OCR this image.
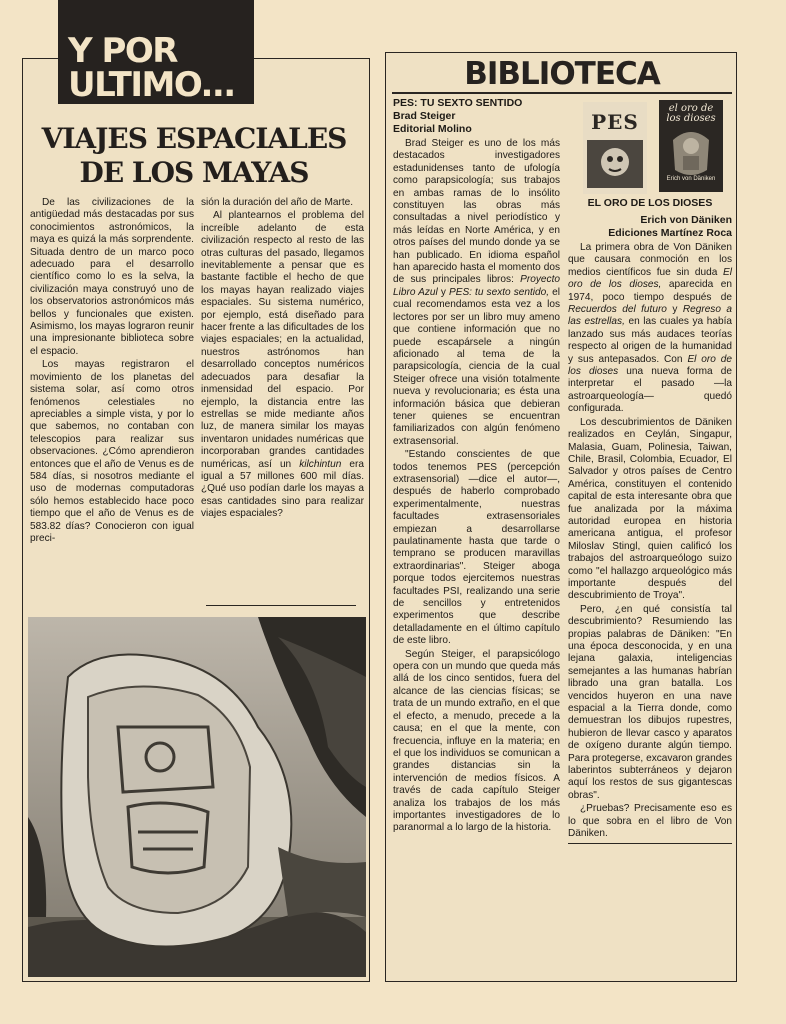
Y POR
ULTIMO...
VIAJES ESPACIALES
DE LOS MAYAS

De las civilizaciones de la antigüedad más destacadas por sus conocimientos astronómicos, la maya es quizá la más sorprendente. Situada dentro de un marco poco adecuado para el desarrollo científico como lo es la selva, la civilización maya construyó uno de los observatorios astronómicos más bellos y funcionales que existen. Asimismo, los mayas lograron reunir una impresionante biblioteca sobre el espacio.

Los mayas registraron el movimiento de los planetas del sistema solar, así como otros fenómenos celestiales no apreciables a simple vista, y por lo que sabemos, no contaban con telescopios para realizar sus observaciones. ¿Cómo aprendieron entonces que el año de Venus es de 584 días, si nosotros mediante el uso de modernas computadoras sólo hemos establecido hace poco tiempo que el año de Venus es de 583.82 días? Conocieron con igual preci-

sión la duración del año de Marte.

Al plantearnos el problema del increíble adelanto de esta civilización respecto al resto de las otras culturas del pasado, llegamos inevitablemente a pensar que es bastante factible el hecho de que los mayas hayan realizado viajes espaciales. Su sistema numérico, por ejemplo, está diseñado para hacer frente a las dificultades de los viajes espaciales; en la actualidad, nuestros astrónomos han desarrollado conceptos numéricos adecuados para desafiar la inmensidad del espacio. Por ejemplo, la distancia entre las estrellas se mide mediante años luz, de manera similar los mayas inventaron unidades numéricas que incorporaban grandes cantidades numéricas, así un kilchintun era igual a 57 millones 600 mil días. ¿Qué uso podían darle los mayas a esas cantidades sino para realizar viajes espaciales?

BIBLIOTECA
PES: TU SEXTO SENTIDO
Brad Steiger
Editorial Molino

Brad Steiger es uno de los más destacados investigadores estadunidenses tanto de ufología como parapsicología; sus trabajos en ambas ramas de lo insólito constituyen las obras más consultadas a nivel periodístico y más leídas en Norte América, y en otros países del mundo donde ya se han publicado. En idioma español han aparecido hasta el momento dos de sus principales libros: Proyecto Libro Azul y PES: tu sexto sentido, el cual recomendamos esta vez a los lectores por ser un libro muy ameno que contiene información que no puede escapársele a ningún aficionado al tema de la parapsicología, ciencia de la cual Steiger ofrece una visión totalmente nueva y revolucionaria; es ésta una información básica que debieran tener quienes se encuentran familiarizados con algún fenómeno extrasensorial.

"Estando conscientes de que todos tenemos PES (percepción extrasensorial) —dice el autor—, después de haberlo comprobado experimentalmente, nuestras facultades extrasensoriales empiezan a desarrollarse paulatinamente hasta que tarde o temprano se producen maravillas extraordinarias". Steiger aboga porque todos ejercitemos nuestras facultades PSI, realizando una serie de sencillos y entretenidos experimentos que describe detalladamente en el último capítulo de este libro.

Según Steiger, el parapsicólogo opera con un mundo que queda más allá de los cinco sentidos, fuera del alcance de las ciencias físicas; se trata de un mundo extraño, en el que el efecto, a menudo, precede a la causa; en el que la mente, con frecuencia, influye en la materia; en el que los individuos se comunican a grandes distancias sin la intervención de medios físicos. A través de cada capítulo Steiger analiza los trabajos de los más importantes investigadores de lo paranormal a lo largo de la historia.

PES
el oro de los dioses
Erich von Däniken
EL ORO DE LOS DIOSES
Erich von Däniken
Ediciones Martínez Roca

La primera obra de Von Däniken que causara conmoción en los medios científicos fue sin duda El oro de los dioses, aparecida en 1974, poco tiempo después de Recuerdos del futuro y Regreso a las estrellas, en las cuales ya había lanzado sus más audaces teorías respecto al origen de la humanidad y sus antepasados. Con El oro de los dioses una nueva forma de interpretar el pasado —la astroarqueología— quedó configurada.

Los descubrimientos de Däniken realizados en Ceylán, Singapur, Malasia, Guam, Polinesia, Taiwan, Chile, Brasil, Colombia, Ecuador, El Salvador y otros países de Centro América, constituyen el contenido capital de esta interesante obra que fue analizada por la máxima autoridad europea en historia americana antigua, el profesor Miloslav Stingl, quien calificó los trabajos del astroarqueólogo suizo como "el hallazgo arqueológico más importante después del descubrimiento de Troya".

Pero, ¿en qué consistía tal descubrimiento? Resumiendo las propias palabras de Däniken: "En una época desconocida, y en una lejana galaxia, inteligencias semejantes a las humanas habrían librado una gran batalla. Los vencidos huyeron en una nave espacial a la Tierra donde, como demuestran los dibujos rupestres, hubieron de llevar casco y aparatos de oxígeno durante algún tiempo. Para protegerse, excavaron grandes laberintos subterráneos y dejaron aquí los restos de sus gigantescas obras".

¿Pruebas? Precisamente eso es lo que sobra en el libro de Von Däniken.
